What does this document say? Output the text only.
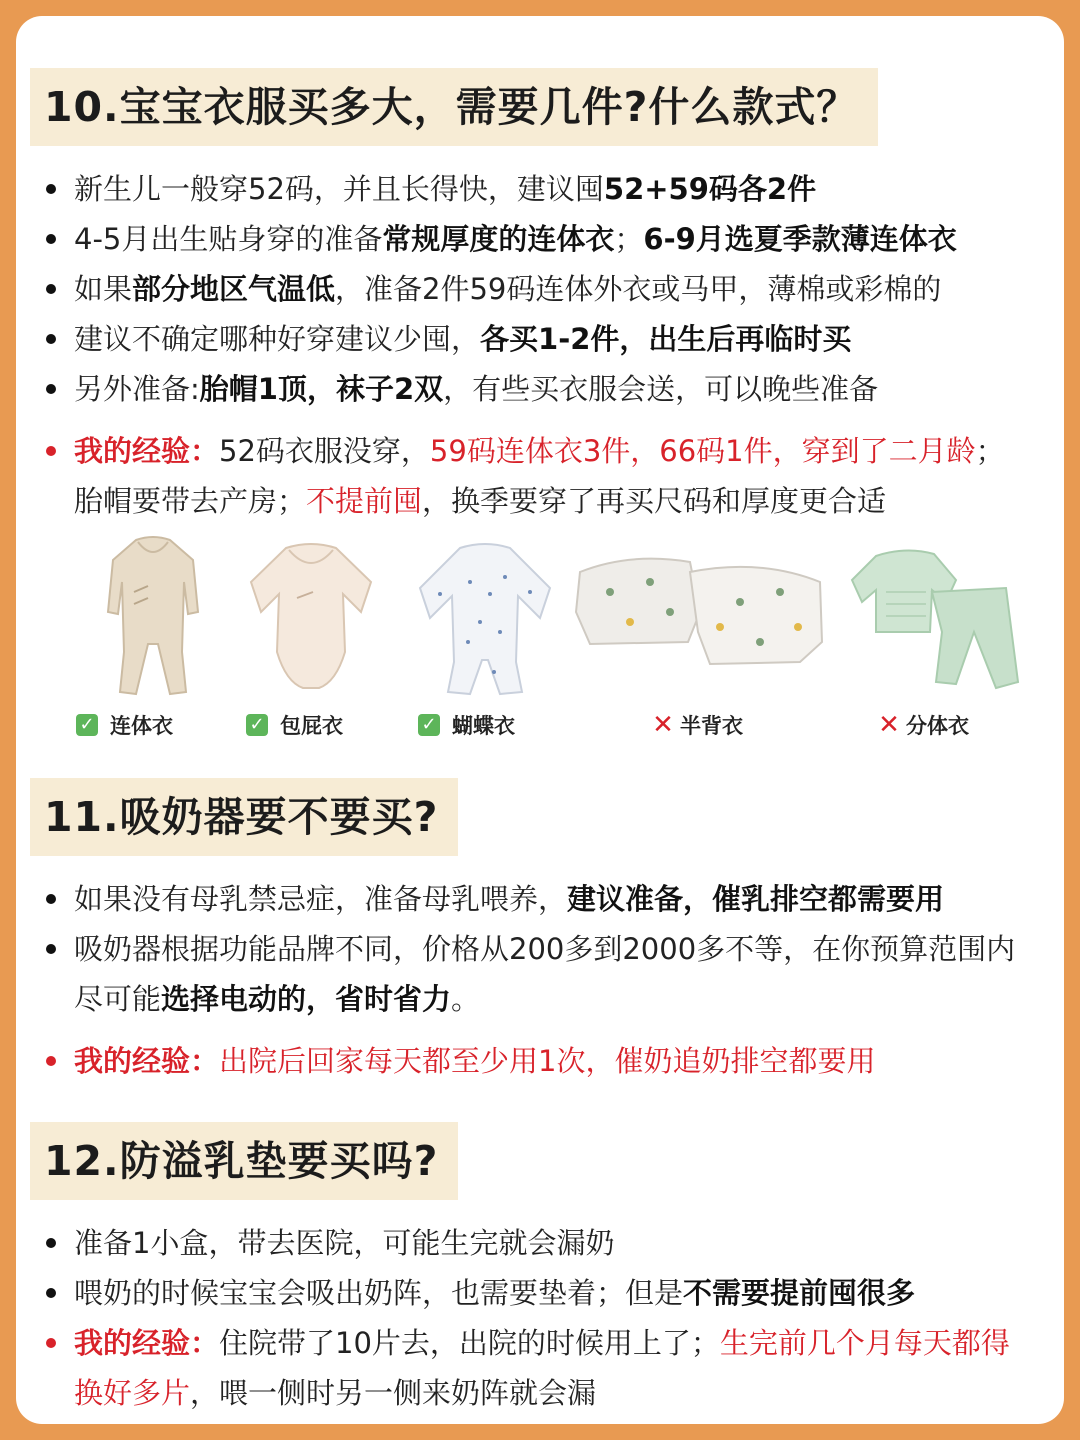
10.宝宝衣服买多大，需要几件?什么款式？
新生儿一般穿52码，并且长得快，建议囤52+59码各2件
4-5月出生贴身穿的准备常规厚度的连体衣；6-9月选夏季款薄连体衣
如果部分地区气温低，准备2件59码连体外衣或马甲，薄棉或彩棉的
建议不确定哪种好穿建议少囤，各买1-2件，出生后再临时买
另外准备:胎帽1顶，袜子2双，有些买衣服会送，可以晚些准备
我的经验：52码衣服没穿，59码连体衣3件，66码1件，穿到了二月龄；胎帽要带去产房；不提前囤，换季要穿了再买尺码和厚度更合适
✓ 连体衣	✓ 包屁衣	✓ 蝴蝶衣	✕ 半背衣	✕ 分体衣
11.吸奶器要不要买?
如果没有母乳禁忌症，准备母乳喂养，建议准备，催乳排空都需要用
吸奶器根据功能品牌不同，价格从200多到2000多不等，在你预算范围内尽可能选择电动的，省时省力。
我的经验：出院后回家每天都至少用1次，催奶追奶排空都要用
12.防溢乳垫要买吗?
准备1小盒，带去医院，可能生完就会漏奶
喂奶的时候宝宝会吸出奶阵，也需要垫着；但是不需要提前囤很多
我的经验：住院带了10片去，出院的时候用上了；生完前几个月每天都得换好多片，喂一侧时另一侧来奶阵就会漏
